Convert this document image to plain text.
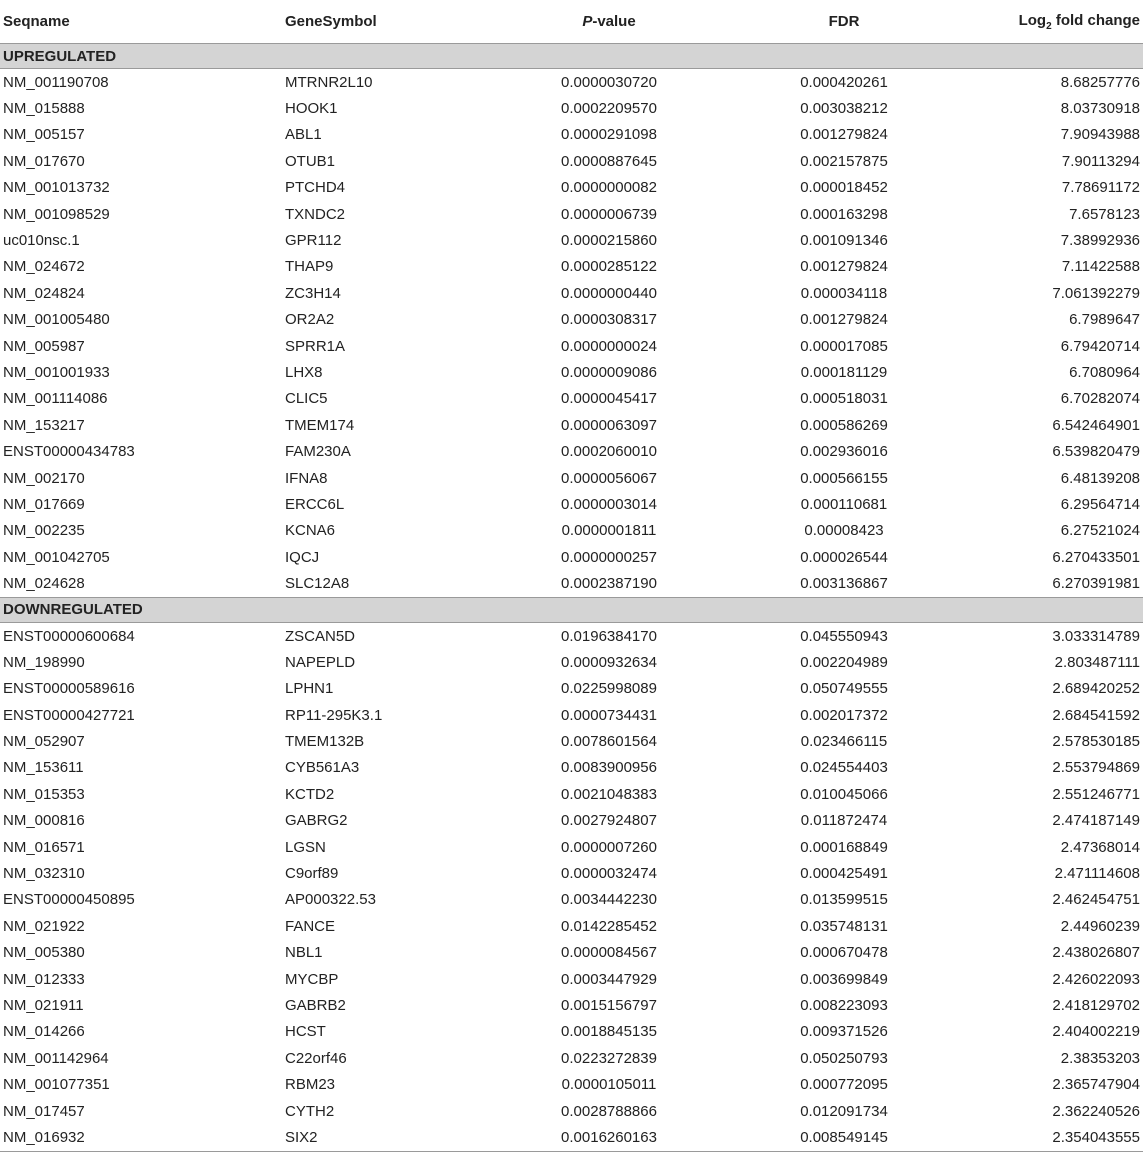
Seqname	GeneSymbol	P-value	FDR	Log$_2$ fold change
UPREGULATED				
NM_001190708	MTRNR2L10	0.0000030720	0.000420261	8.68257776
NM_015888	HOOK1	0.0002209570	0.003038212	8.03730918
NM_005157	ABL1	0.0000291098	0.001279824	7.90943988
NM_017670	OTUB1	0.0000887645	0.002157875	7.90113294
NM_001013732	PTCHD4	0.0000000082	0.000018452	7.78691172
NM_001098529	TXNDC2	0.0000006739	0.000163298	7.6578123
uc010nsc.1	GPR112	0.0000215860	0.001091346	7.38992936
NM_024672	THAP9	0.0000285122	0.001279824	7.11422588
NM_024824	ZC3H14	0.0000000440	0.000034118	7.061392279
NM_001005480	OR2A2	0.0000308317	0.001279824	6.7989647
NM_005987	SPRR1A	0.0000000024	0.000017085	6.79420714
NM_001001933	LHX8	0.0000009086	0.000181129	6.7080964
NM_001114086	CLIC5	0.0000045417	0.000518031	6.70282074
NM_153217	TMEM174	0.0000063097	0.000586269	6.542464901
ENST00000434783	FAM230A	0.0002060010	0.002936016	6.539820479
NM_002170	IFNA8	0.0000056067	0.000566155	6.48139208
NM_017669	ERCC6L	0.0000003014	0.000110681	6.29564714
NM_002235	KCNA6	0.0000001811	0.00008423	6.27521024
NM_001042705	IQCJ	0.0000000257	0.000026544	6.270433501
NM_024628	SLC12A8	0.0002387190	0.003136867	6.270391981
DOWNREGULATED				
ENST00000600684	ZSCAN5D	0.0196384170	0.045550943	3.033314789
NM_198990	NAPEPLD	0.0000932634	0.002204989	2.803487111
ENST00000589616	LPHN1	0.0225998089	0.050749555	2.689420252
ENST00000427721	RP11-295K3.1	0.0000734431	0.002017372	2.684541592
NM_052907	TMEM132B	0.0078601564	0.023466115	2.578530185
NM_153611	CYB561A3	0.0083900956	0.024554403	2.553794869
NM_015353	KCTD2	0.0021048383	0.010045066	2.551246771
NM_000816	GABRG2	0.0027924807	0.011872474	2.474187149
NM_016571	LGSN	0.0000007260	0.000168849	2.47368014
NM_032310	C9orf89	0.0000032474	0.000425491	2.471114608
ENST00000450895	AP000322.53	0.0034442230	0.013599515	2.462454751
NM_021922	FANCE	0.0142285452	0.035748131	2.44960239
NM_005380	NBL1	0.0000084567	0.000670478	2.438026807
NM_012333	MYCBP	0.0003447929	0.003699849	2.426022093
NM_021911	GABRB2	0.0015156797	0.008223093	2.418129702
NM_014266	HCST	0.0018845135	0.009371526	2.404002219
NM_001142964	C22orf46	0.0223272839	0.050250793	2.38353203
NM_001077351	RBM23	0.0000105011	0.000772095	2.365747904
NM_017457	CYTH2	0.0028788866	0.012091734	2.362240526
NM_016932	SIX2	0.0016260163	0.008549145	2.354043555
